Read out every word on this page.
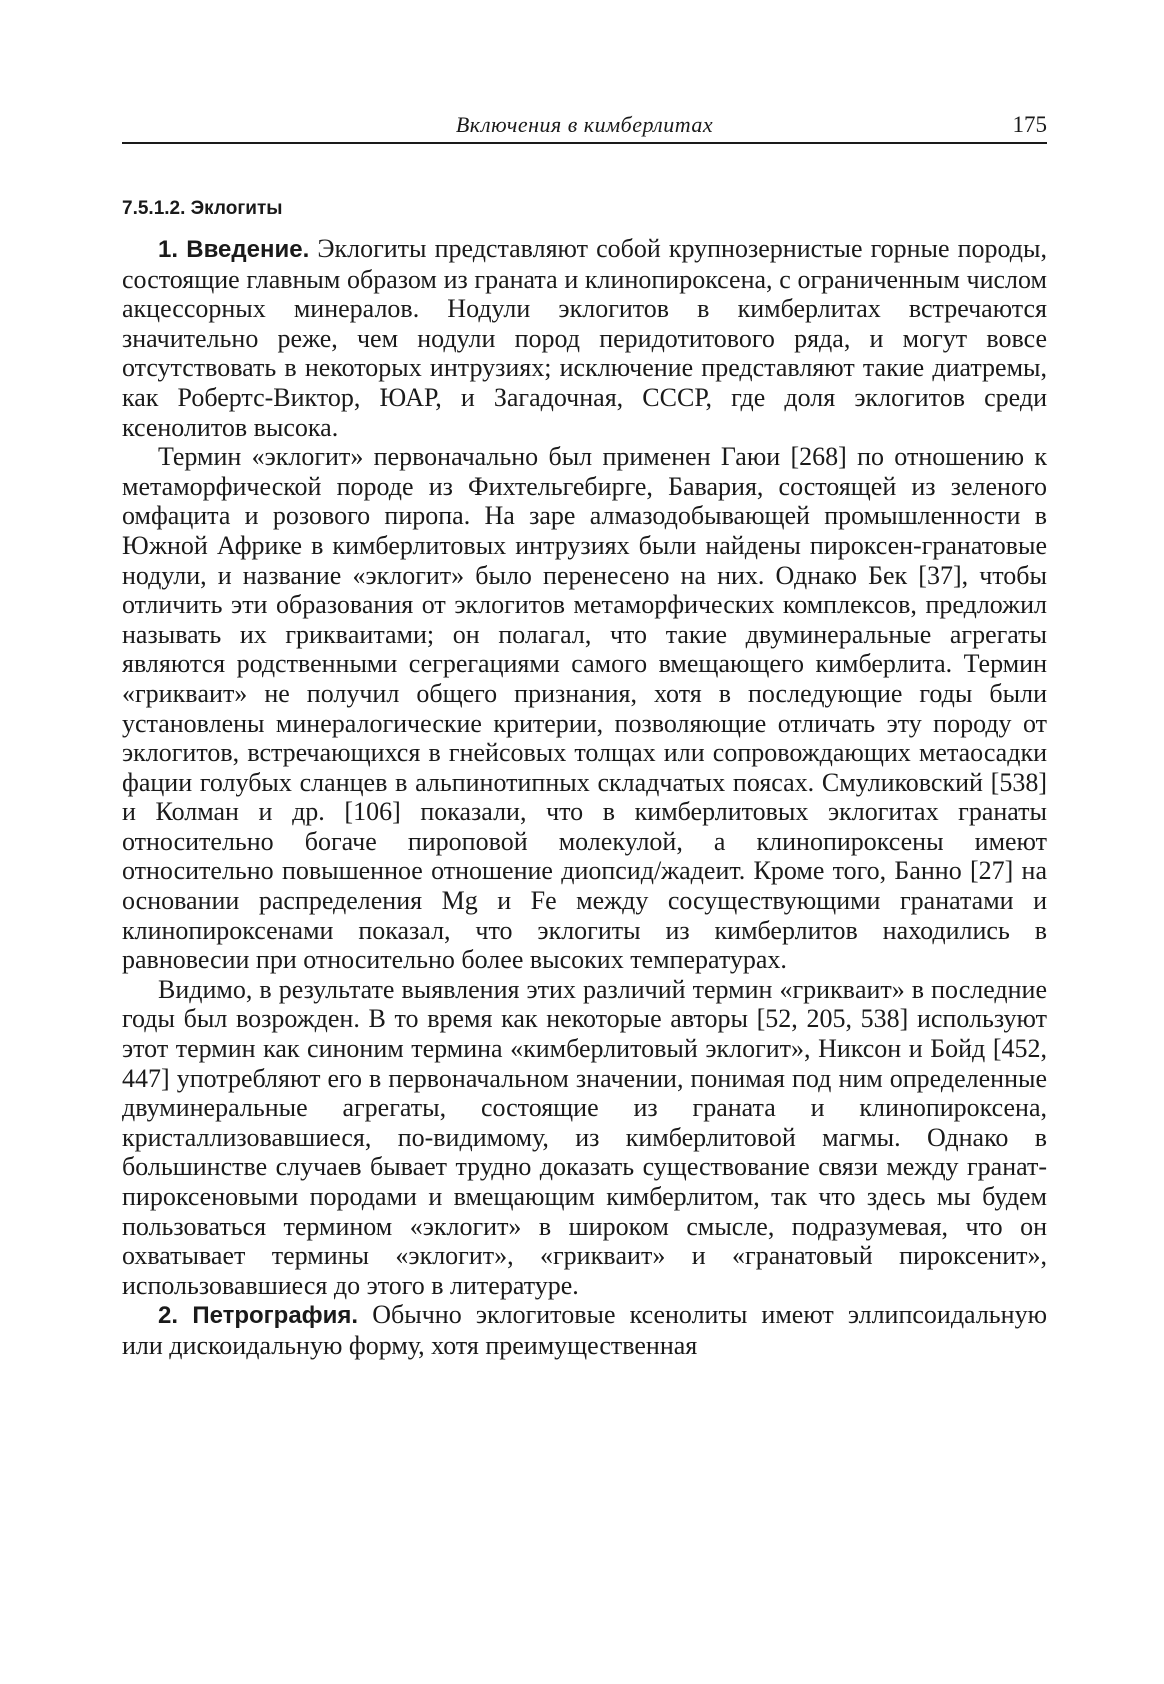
Включения в кимберлитах	175
7.5.1.2. Эклогиты

1. Введение. Эклогиты представляют собой крупнозернистые горные породы, состоящие главным образом из граната и клинопироксена, с ограниченным числом акцессорных минералов. Нодули эклогитов в кимберлитах встречаются значительно реже, чем нодули пород перидотитового ряда, и могут вовсе отсутствовать в некоторых интрузиях; исключение представляют такие диатремы, как Робертс-Виктор, ЮАР, и Загадочная, СССР, где доля эклогитов среди ксенолитов высока.

Термин «эклогит» первоначально был применен Гаюи [268] по отношению к метаморфической породе из Фихтельгебирге, Бавария, состоящей из зеленого омфацита и розового пиропа. На заре алмазодобывающей промышленности в Южной Африке в кимберлитовых интрузиях были найдены пироксен-гранатовые нодули, и название «эклогит» было перенесено на них. Однако Бек [37], чтобы отличить эти образования от эклогитов метаморфических комплексов, предложил называть их гриквaитами; он полагал, что такие двуминеральные агрегаты являются родственными сегрегациями самого вмещающего кимберлита. Термин «гриквaит» не получил общего признания, хотя в последующие годы были установлены минералогические критерии, позволяющие отличать эту породу от эклогитов, встречающихся в гнейсовых толщах или сопровождающих метаосадки фации голубых сланцев в альпинотипных складчатых поясах. Смуликовский [538] и Колман и др. [106] показали, что в кимберлитовых эклогитах гранаты относительно богаче пироповой молекулой, а клинопироксены имеют относительно повышенное отношение диопсид/жадеит. Кроме того, Банно [27] на основании распределения Mg и Fe между сосуществующими гранатами и клинопироксенами показал, что эклогиты из кимберлитов находились в равновесии при относительно более высоких температурах.

Видимо, в результате выявления этих различий термин «гриквaит» в последние годы был возрожден. В то время как некоторые авторы [52, 205, 538] используют этот термин как синоним термина «кимберлитовый эклогит», Никсон и Бойд [452, 447] употребляют его в первоначальном значении, понимая под ним определенные двуминеральные агрегаты, состоящие из граната и клинопироксена, кристаллизовавшиеся, по-видимому, из кимберлитовой магмы. Однако в большинстве случаев бывает трудно доказать существование связи между гранат-пироксеновыми породами и вмещающим кимберлитом, так что здесь мы будем пользоваться термином «эклогит» в широком смысле, подразумевая, что он охватывает термины «эклогит», «гриквaит» и «гранатовый пироксенит», использовавшиеся до этого в литературе.

2. Петрография. Обычно эклогитовые ксенолиты имеют эллипсоидальную или дискоидальную форму, хотя преимущественная
